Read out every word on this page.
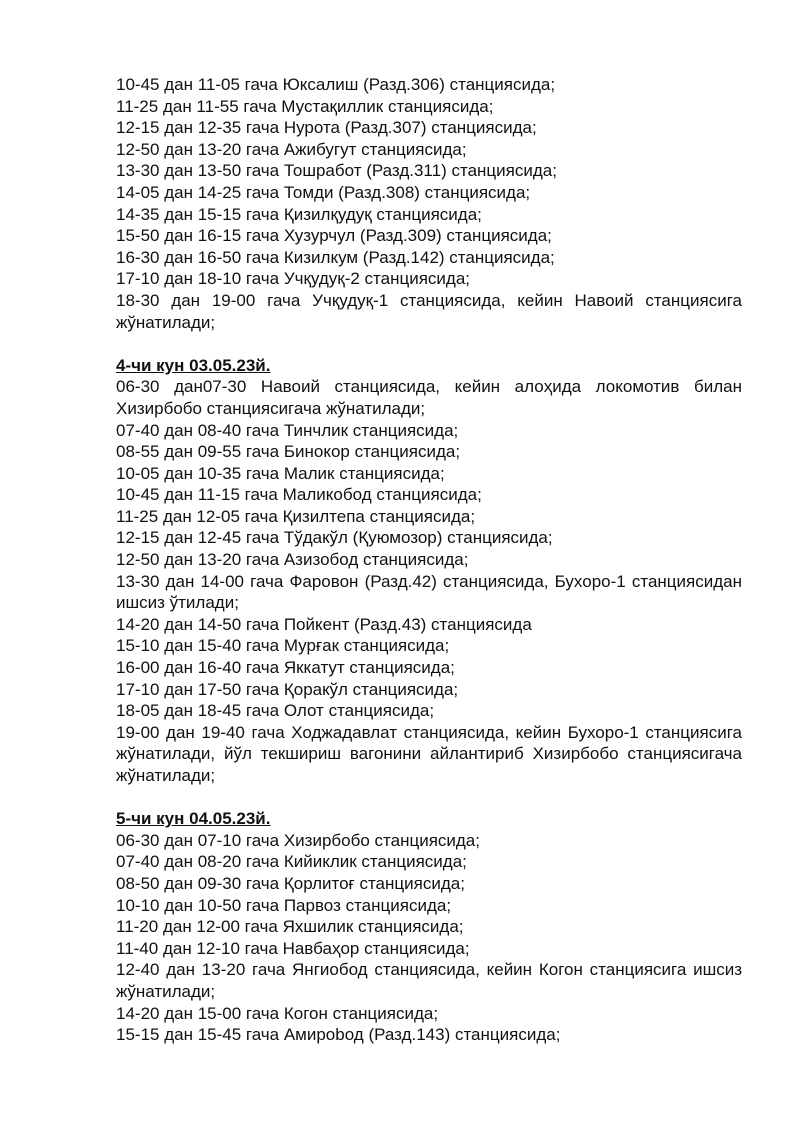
10-45 дан 11-05 гача Юксалиш (Разд.306) станциясида;
11-25 дан 11-55 гача Мустақиллик станциясида;
12-15 дан 12-35 гача Нурота (Разд.307) станциясида;
12-50 дан 13-20 гача Ажибугут станциясида;
13-30 дан 13-50 гача Тошработ (Разд.311) станциясида;
14-05 дан 14-25 гача Томди (Разд.308) станциясида;
14-35 дан 15-15 гача Қизилқудуқ станциясида;
15-50 дан 16-15 гача Хузурчул (Разд.309) станциясида;
16-30 дан 16-50 гача Кизилкум (Разд.142) станциясида;
17-10 дан 18-10 гача Учқудуқ-2 станциясида;
18-30 дан 19-00 гача Учқудуқ-1 станциясида, кейин Навоий станциясига жўнатилади;
4-чи кун 03.05.23й.
06-30 дан07-30 Навоий станциясида, кейин алоҳида локомотив билан Хизирбобо станциясигача жўнатилади;
07-40 дан 08-40 гача Тинчлик станциясида;
08-55 дан 09-55 гача Бинокор станциясида;
10-05 дан 10-35 гача Малик станциясида;
10-45 дан 11-15 гача Маликобод станциясида;
11-25 дан 12-05 гача Қизилтепа станциясида;
12-15 дан 12-45 гача Тўдакўл (Қуюмозор) станциясида;
12-50 дан 13-20 гача Азизобод станциясида;
13-30 дан 14-00 гача Фаровон (Разд.42) станциясида, Бухоро-1 станциясидан ишсиз ўтилади;
14-20 дан 14-50 гача Пойкент (Разд.43) станциясида
15-10 дан 15-40 гача Мурғак станциясида;
16-00 дан 16-40 гача Яккатут станциясида;
17-10 дан 17-50 гача Қоракўл станциясида;
18-05 дан 18-45 гача Олот станциясида;
19-00 дан 19-40 гача Ходжадавлат станциясида, кейин Бухоро-1 станциясига жўнатилади, йўл текшириш вагонини айлантириб Хизирбобо станциясигача жўнатилади;
5-чи кун 04.05.23й.
06-30 дан 07-10 гача Хизирбобо станциясида;
07-40 дан 08-20 гача Кийиклик станциясида;
08-50 дан 09-30 гача Қорлитоғ станциясида;
10-10 дан 10-50 гача Парвоз станциясида;
11-20 дан 12-00 гача Яхшилик станциясида;
11-40 дан 12-10 гача Навбаҳор станциясида;
12-40 дан 13-20 гача Янгиобод станциясида, кейин Когон станциясига ишсиз жўнатилади;
14-20 дан 15-00 гача Когон станциясида;
15-15 дан 15-45 гача Амирobод (Разд.143) станциясида;
